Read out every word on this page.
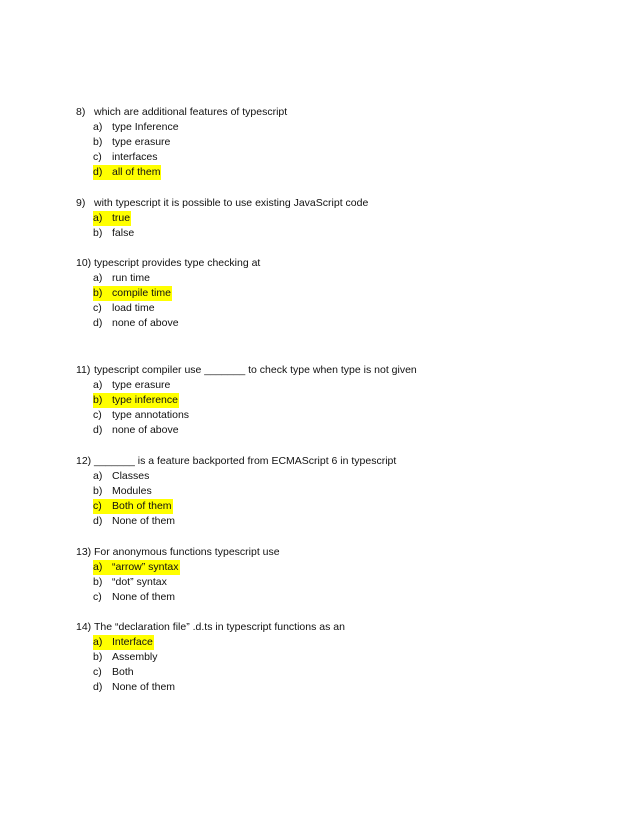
8) which are additional features of typescript
a) type Inference
b) type erasure
c) interfaces
d) all of them
9) with typescript it is possible to use existing JavaScript code
a) true
b) false
10) typescript provides type checking at
a) run time
b) compile time
c) load time
d) none of above
11) typescript compiler use _______ to check type when type is not given
a) type erasure
b) type inference
c) type annotations
d) none of above
12) _______ is a feature backported from ECMAScript 6 in typescript
a) Classes
b) Modules
c) Both of them
d) None of them
13) For anonymous functions typescript use
a) “arrow” syntax
b) “dot” syntax
c) None of them
14) The “declaration file” .d.ts in typescript functions as an
a) Interface
b) Assembly
c) Both
d) None of them
